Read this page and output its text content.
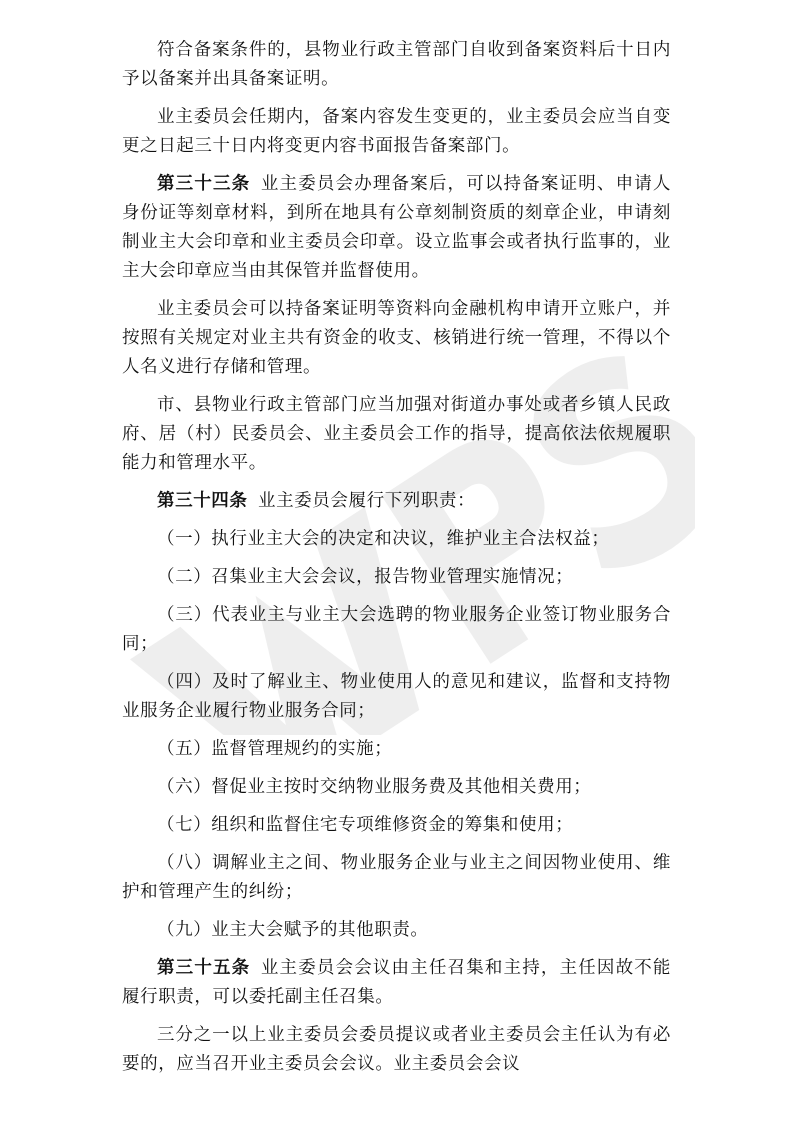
符合备案条件的，县物业行政主管部门自收到备案资料后十日内予以备案并出具备案证明。

业主委员会任期内，备案内容发生变更的，业主委员会应当自变更之日起三十日内将变更内容书面报告备案部门。

第三十三条 业主委员会办理备案后，可以持备案证明、申请人身份证等刻章材料，到所在地具有公章刻制资质的刻章企业，申请刻制业主大会印章和业主委员会印章。设立监事会或者执行监事的，业主大会印章应当由其保管并监督使用。

业主委员会可以持备案证明等资料向金融机构申请开立账户，并按照有关规定对业主共有资金的收支、核销进行统一管理，不得以个人名义进行存储和管理。

市、县物业行政主管部门应当加强对街道办事处或者乡镇人民政府、居（村）民委员会、业主委员会工作的指导，提高依法依规履职能力和管理水平。

第三十四条 业主委员会履行下列职责：

（一）执行业主大会的决定和决议，维护业主合法权益；

（二）召集业主大会会议，报告物业管理实施情况；

（三）代表业主与业主大会选聘的物业服务企业签订物业服务合同；

（四）及时了解业主、物业使用人的意见和建议，监督和支持物业服务企业履行物业服务合同；

（五）监督管理规约的实施；

（六）督促业主按时交纳物业服务费及其他相关费用；

（七）组织和监督住宅专项维修资金的筹集和使用；

（八）调解业主之间、物业服务企业与业主之间因物业使用、维护和管理产生的纠纷；

（九）业主大会赋予的其他职责。

第三十五条 业主委员会会议由主任召集和主持，主任因故不能履行职责，可以委托副主任召集。

三分之一以上业主委员会委员提议或者业主委员会主任认为有必要的，应当召开业主委员会会议。业主委员会会议
